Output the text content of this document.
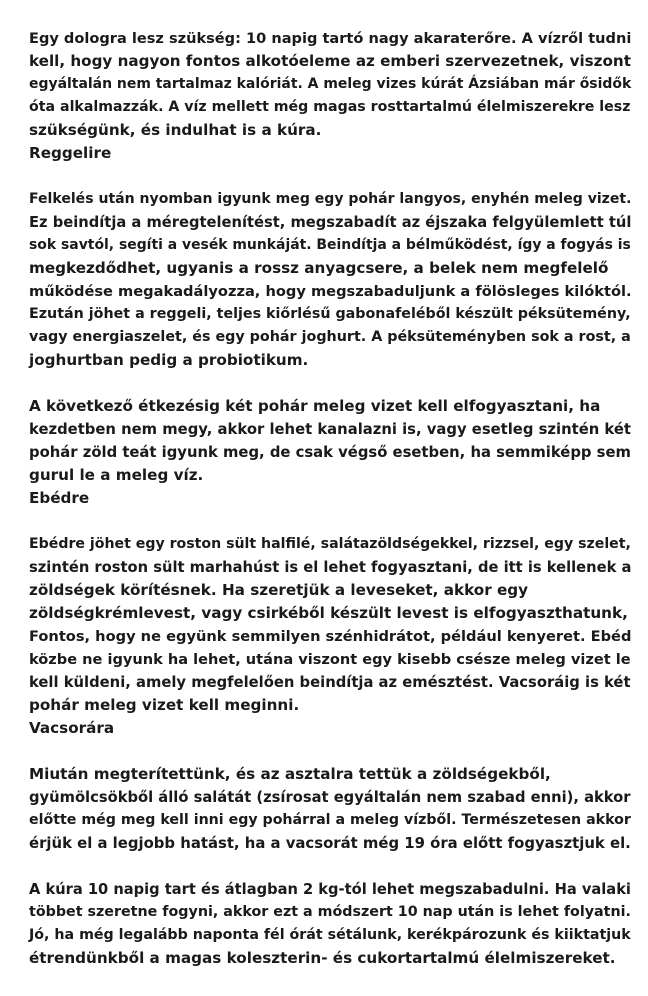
Egy dologra lesz szükség: 10 napig tartó nagy akaraterőre. A vízről tudni
kell, hogy nagyon fontos alkotóeleme az emberi szervezetnek, viszont
egyáltalán nem tartalmaz kalóriát. A meleg vizes kúrát Ázsiában már ősidők
óta alkalmazzák. A víz mellett még magas rosttartalmú élelmiszerekre lesz
szükségünk, és indulhat is a kúra.
Reggelire

Felkelés után nyomban igyunk meg egy pohár langyos, enyhén meleg vizet.
Ez beindítja a méregtelenítést, megszabadít az éjszaka felgyülemlett túl
sok savtól, segíti a vesék munkáját. Beindítja a bélműködést, így a fogyás is
megkezdődhet, ugyanis a rossz anyagcsere, a belek nem megfelelő
működése megakadályozza, hogy megszabaduljunk a fölösleges kilóktól.
Ezután jöhet a reggeli, teljes kiőrlésű gabonafeléből készült péksütemény,
vagy energiaszelet, és egy pohár joghurt. A péksüteményben sok a rost, a
joghurtban pedig a probiotikum.

A következő étkezésig két pohár meleg vizet kell elfogyasztani, ha
kezdetben nem megy, akkor lehet kanalazni is, vagy esetleg szintén két
pohár zöld teát igyunk meg, de csak végső esetben, ha semmiképp sem
gurul le a meleg víz.
Ebédre

Ebédre jöhet egy roston sült halfilé, salátazöldségekkel, rizzsel, egy szelet,
szintén roston sült marhahúst is el lehet fogyasztani, de itt is kellenek a
zöldségek körítésnek. Ha szeretjük a leveseket, akkor egy
zöldségkrémlevest, vagy csirkéből készült levest is elfogyaszthatunk,
Fontos, hogy ne együnk semmilyen szénhidrátot, például kenyeret. Ebéd
közbe ne igyunk ha lehet, utána viszont egy kisebb csésze meleg vizet le
kell küldeni, amely megfelelően beindítja az emésztést. Vacsoráig is két
pohár meleg vizet kell meginni.
Vacsorára

Miután megterítettünk, és az asztalra tettük a zöldségekből,
gyümölcsökből álló salátát (zsírosat egyáltalán nem szabad enni), akkor
előtte még meg kell inni egy pohárral a meleg vízből. Természetesen akkor
érjük el a legjobb hatást, ha a vacsorát még 19 óra előtt fogyasztjuk el.

A kúra 10 napig tart és átlagban 2 kg-tól lehet megszabadulni. Ha valaki
többet szeretne fogyni, akkor ezt a módszert 10 nap után is lehet folyatni.
Jó, ha még legalább naponta fél órát sétálunk, kerékpározunk és kiiktatjuk
étrendünkből a magas koleszterin- és cukortartalmú élelmiszereket.
